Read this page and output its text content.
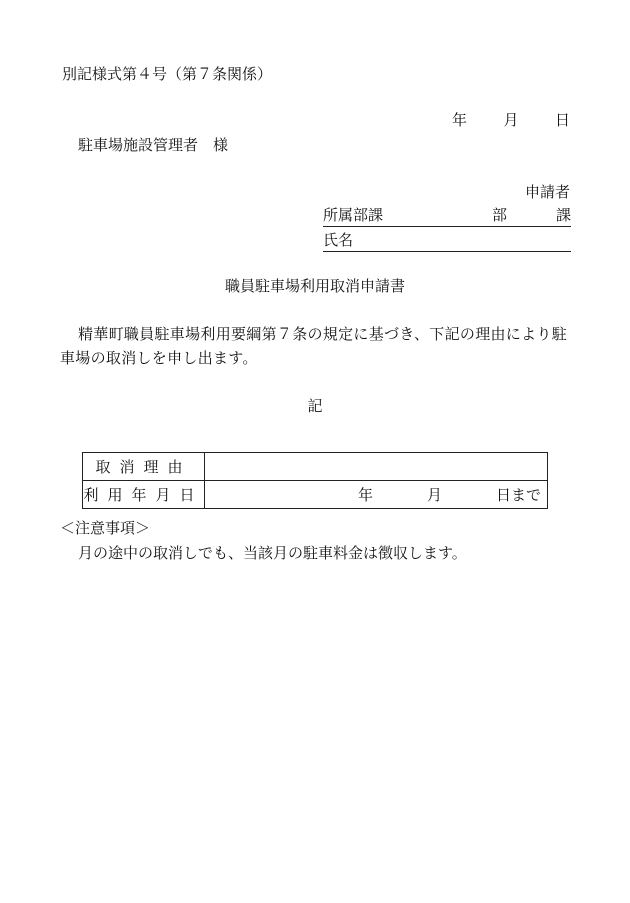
別記様式第４号（第７条関係）
年 月 日
駐車場施設管理者　様
申請者
所属部課	部	課
氏名
職員駐車場利用取消申請書
精華町職員駐車場利用要綱第７条の規定に基づき、下記の理由により駐車場の取消しを申し出ます。
記
取消理由	
利用年月日	年 月 日まで
＜注意事項＞
月の途中の取消しでも、当該月の駐車料金は徴収します。
